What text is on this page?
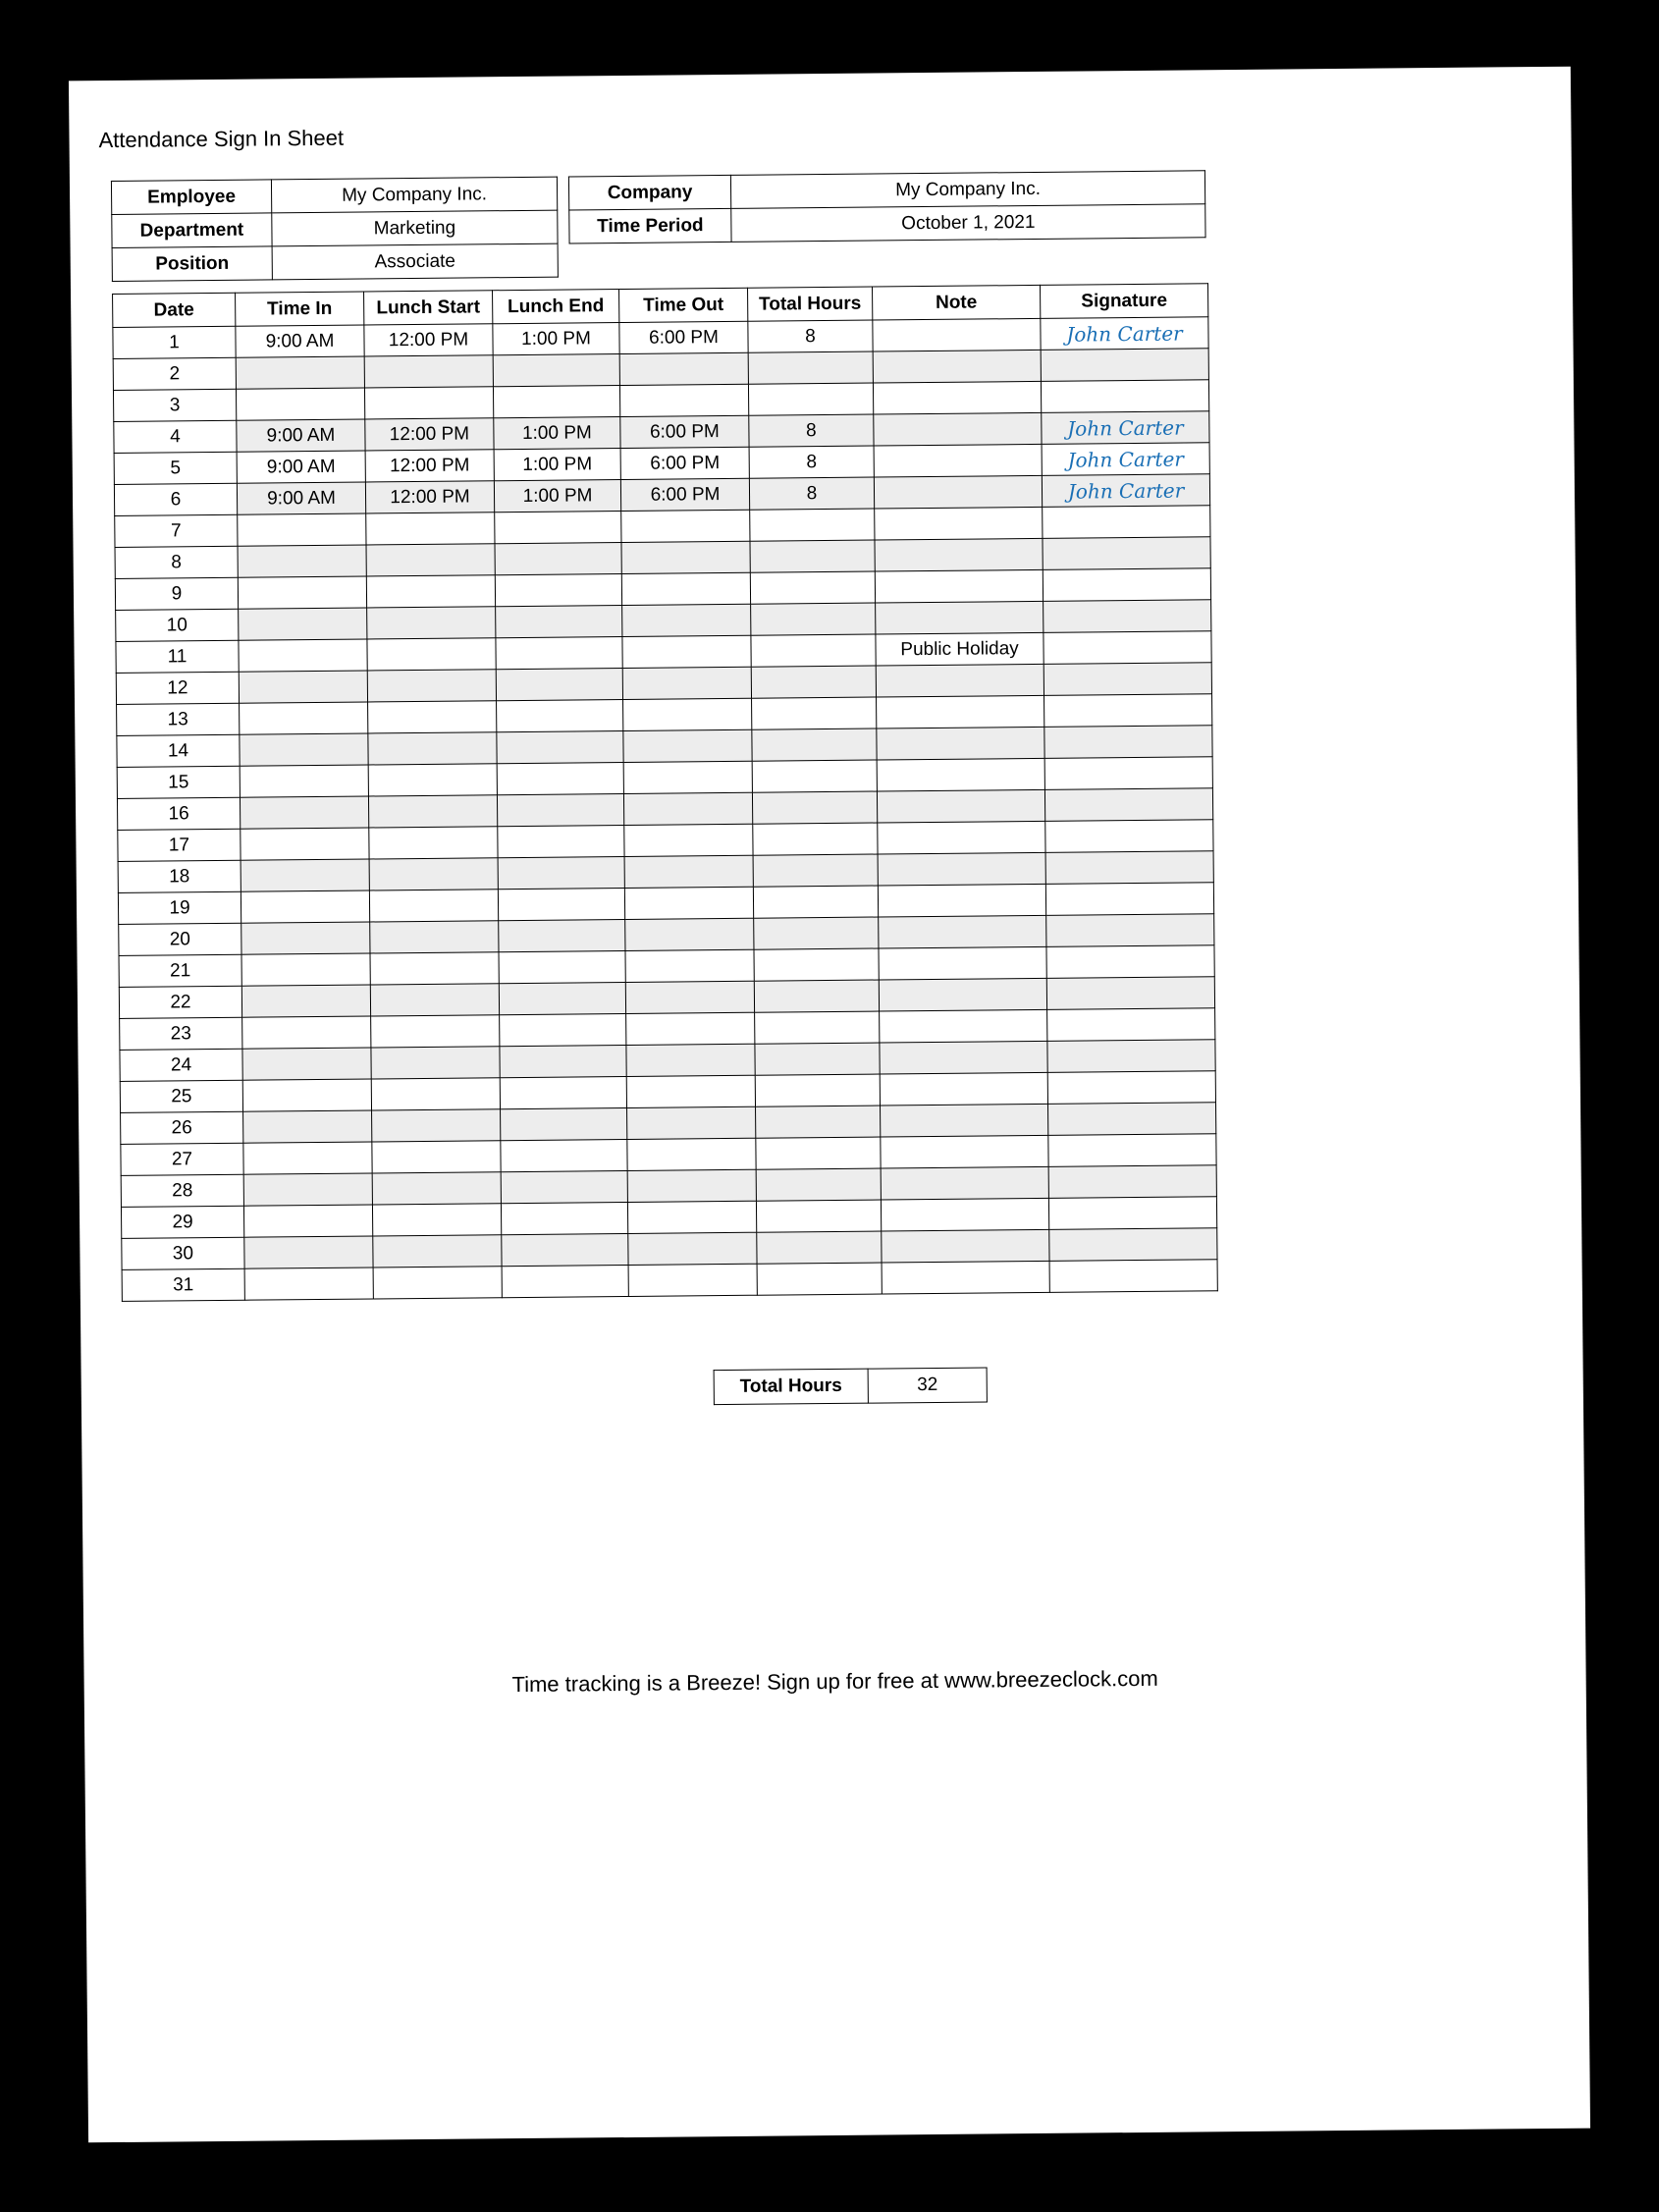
Attendance Sign In Sheet
Employee	My Company Inc.
Department	Marketing
Position	Associate
Company	My Company Inc.
Time Period	October 1, 2021
Date	Time In	Lunch Start	Lunch End	Time Out	Total Hours	Note	Signature
1	9:00 AM	12:00 PM	1:00 PM	6:00 PM	8		John Carter
2							
3							
4	9:00 AM	12:00 PM	1:00 PM	6:00 PM	8		John Carter
5	9:00 AM	12:00 PM	1:00 PM	6:00 PM	8		John Carter
6	9:00 AM	12:00 PM	1:00 PM	6:00 PM	8		John Carter
7							
8							
9							
10							
11						Public Holiday	
12							
13							
14							
15							
16							
17							
18							
19							
20							
21							
22							
23							
24							
25							
26							
27							
28							
29							
30							
31							
Total Hours	32
Time tracking is a Breeze! Sign up for free at www.breezeclock.com
